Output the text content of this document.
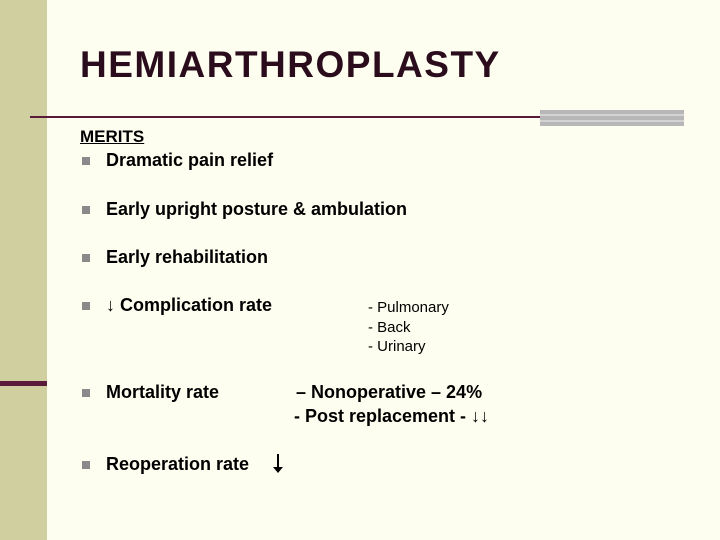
HEMIARTHROPLASTY
MERITS
Dramatic pain relief
Early upright posture & ambulation
Early rehabilitation
↓ Complication rate	- Pulmonary
- Back
- Urinary
Mortality rate	– Nonoperative – 24%
- Post replacement - ↓↓
Reoperation rate
